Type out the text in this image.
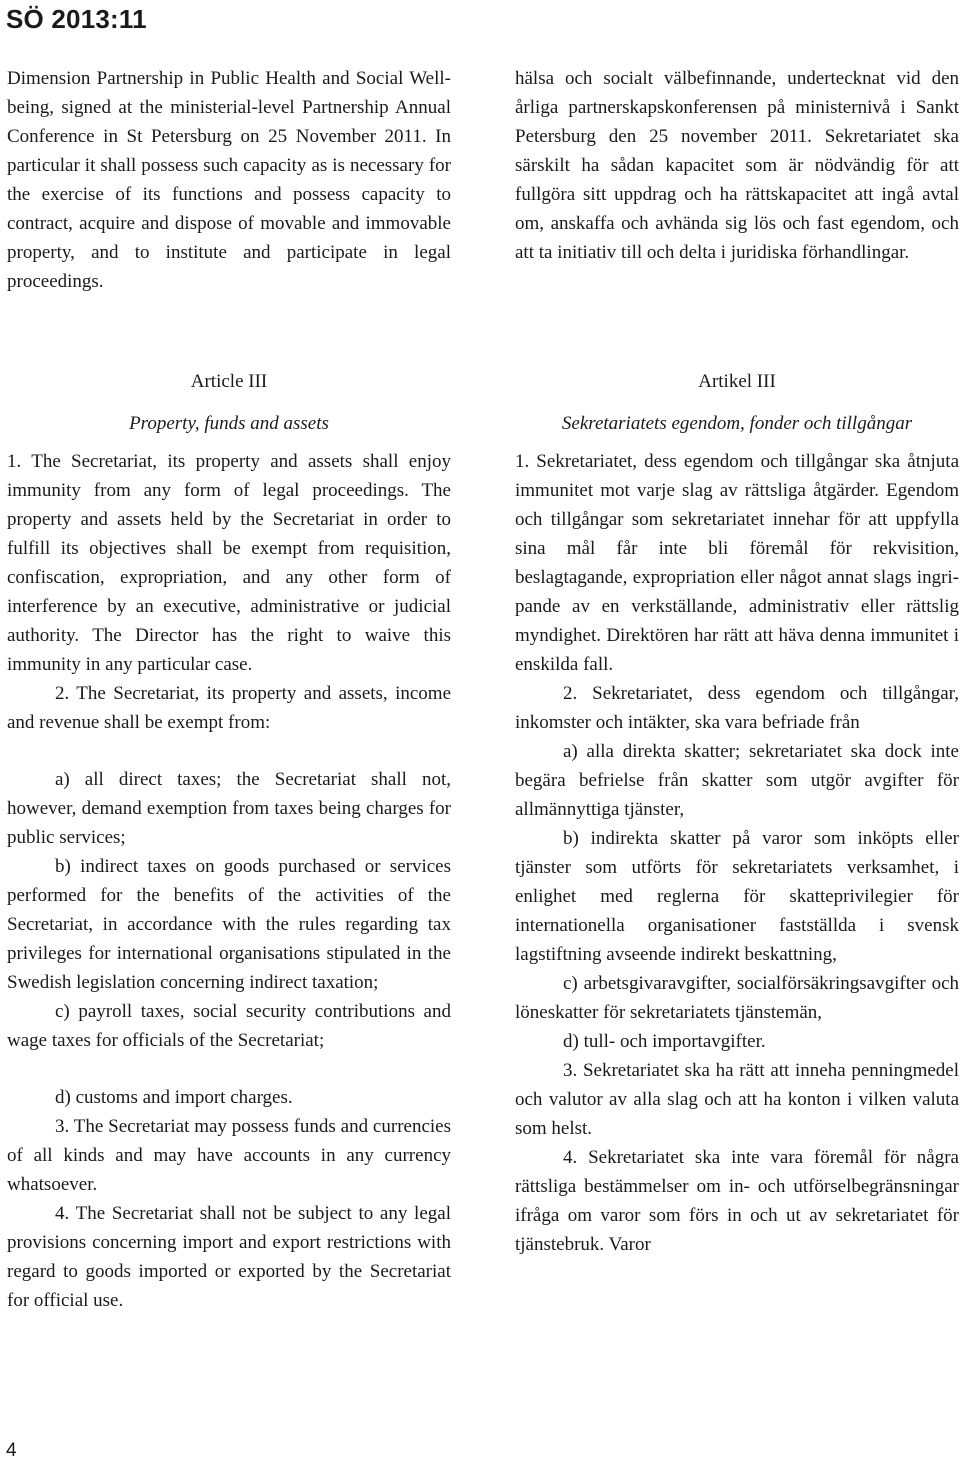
SÖ 2013:11

Dimension Partnership in Public Health and Social Well-being, signed at the ministerial-level Partnership Annual Conference in St Petersburg on 25 November 2011. In particular it shall possess such capacity as is necessary for the exercise of its functions and possess capacity to contract, acquire and dispose of movable and immovable property, and to institute and participate in legal proceedings.

hälsa och socialt välbefinnande, undertecknat vid den årliga partnerskapskonferensen på ministernivå i Sankt Petersburg den 25 november 2011. Sekretariatet ska särskilt ha sådan kapacitet som är nödvändig för att fullgöra sitt uppdrag och ha rättskapacitet att ingå avtal om, anskaffa och avhända sig lös och fast egendom, och att ta initiativ till och delta i juridiska förhandlingar.

Article III

Property, funds and assets

1. The Secretariat, its property and assets shall enjoy immunity from any form of legal proceedings. The property and assets held by the Secretariat in order to fulfill its objectives shall be exempt from requisition, confiscation, expropriation, and any other form of interference by an executive, administrative or judicial authority. The Director has the right to waive this immunity in any particular case.

2. The Secretariat, its property and assets, income and revenue shall be exempt from:

a) all direct taxes; the Secretariat shall not, however, demand exemption from taxes being charges for public services;

b) indirect taxes on goods purchased or services performed for the benefits of the activities of the Secretariat, in accordance with the rules regarding tax privileges for international organisations stipulated in the Swedish legislation concerning indirect taxation;

c) payroll taxes, social security contributions and wage taxes for officials of the Secretariat;

d) customs and import charges.

3. The Secretariat may possess funds and currencies of all kinds and may have accounts in any currency whatsoever.

4. The Secretariat shall not be subject to any legal provisions concerning import and export restrictions with regard to goods imported or exported by the Secretariat for official use.

Artikel III

Sekretariatets egendom, fonder och tillgångar

1. Sekretariatet, dess egendom och tillgångar ska åtnjuta immunitet mot varje slag av rättsliga åtgärder. Egendom och tillgångar som sekretariatet innehar för att uppfylla sina mål får inte bli föremål för rekvisition, beslagtagande, expropriation eller något annat slags ingripande av en verkställande, administrativ eller rättslig myndighet. Direktören har rätt att häva denna immunitet i enskilda fall.

2. Sekretariatet, dess egendom och tillgångar, inkomster och intäkter, ska vara befriade från

a) alla direkta skatter; sekretariatet ska dock inte begära befrielse från skatter som utgör avgifter för allmännyttiga tjänster,

b) indirekta skatter på varor som inköpts eller tjänster som utförts för sekretariatets verksamhet, i enlighet med reglerna för skatteprivilegier för internationella organisationer fastställda i svensk lagstiftning avseende indirekt beskattning,

c) arbetsgivaravgifter, socialförsäkringsavgifter och löneskatter för sekretariatets tjänstemän,

d) tull- och importavgifter.

3. Sekretariatet ska ha rätt att inneha penningmedel och valutor av alla slag och att ha konton i vilken valuta som helst.

4. Sekretariatet ska inte vara föremål för några rättsliga bestämmelser om in- och utförselbegränsningar ifråga om varor som förs in och ut av sekretariatet för tjänstebruk. Varor

4
